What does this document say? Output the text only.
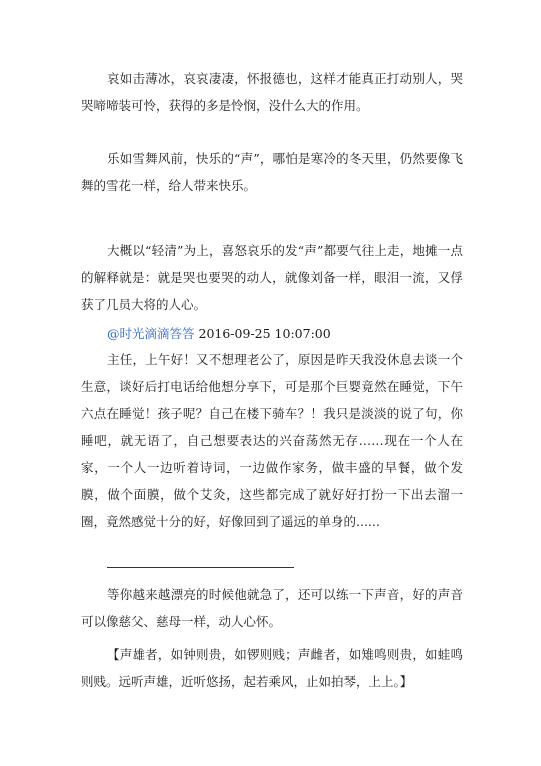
哀如击薄冰，哀哀凄凄，怀报德也，这样才能真正打动别人，哭哭啼啼装可怜，获得的多是怜悯，没什么大的作用。

乐如雪舞风前，快乐的“声”，哪怕是寒冷的冬天里，仍然要像飞舞的雪花一样，给人带来快乐。

大概以“轻清”为上，喜怒哀乐的发“声”都要气往上走，地摊一点的解释就是：就是哭也要哭的动人，就像刘备一样，眼泪一流，又俘获了几员大将的人心。

@时光滴滴答答 2016-09-25 10:07:00

主任，上午好！又不想理老公了，原因是昨天我没休息去谈一个生意，谈好后打电话给他想分享下，可是那个巨婴竟然在睡觉，下午六点在睡觉！孩子呢？自己在楼下骑车？！我只是淡淡的说了句，你睡吧，就无语了，自己想要表达的兴奋荡然无存……现在一个人在家，一个人一边听着诗词，一边做作家务，做丰盛的早餐，做个发膜，做个面膜，做个艾灸，这些都完成了就好好打扮一下出去溜一圈，竟然感觉十分的好，好像回到了遥远的单身的......

等你越来越漂亮的时候他就急了，还可以练一下声音，好的声音可以像慈父、慈母一样，动人心怀。

【声雄者，如钟则贵，如锣则贱；声雌者，如雉鸣则贵，如蛙鸣则贱。远听声雄，近听悠扬，起若乘风，止如拍琴，上上。】
